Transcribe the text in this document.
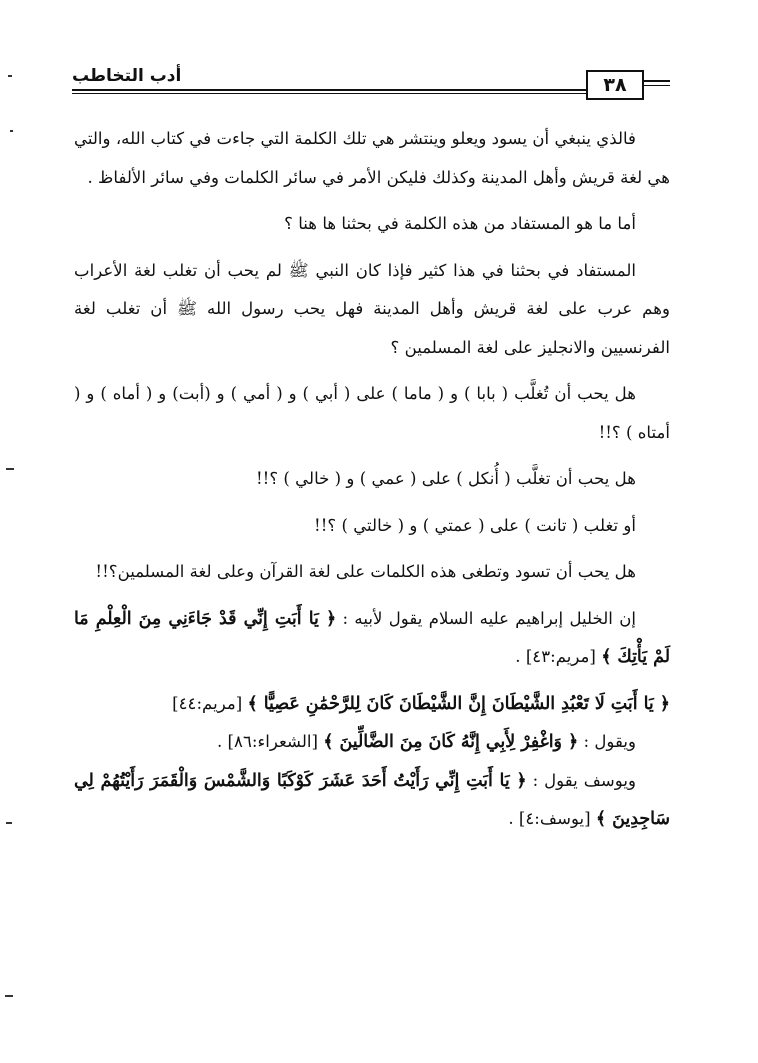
أدب التخاطب	٣٨

فالذي ينبغي أن يسود ويعلو وينتشر هي تلك الكلمة التي جاءت في كتاب الله، والتي هي لغة قريش وأهل المدينة وكذلك فليكن الأمر في سائر الكلمات وفي سائر الألفاظ .

أما ما هو المستفاد من هذه الكلمة في بحثنا ها هنا ؟

المستفاد في بحثنا في هذا كثير فإذا كان النبي ﷺ لم يحب أن تغلب لغة الأعراب وهم عرب على لغة قريش وأهل المدينة فهل يحب رسول الله ﷺ أن تغلب لغة الفرنسيين والانجليز على لغة المسلمين ؟

هل يحب أن تُغلَّب ( بابا ) و ( ماما ) على ( أبي ) و ( أمي ) و (أبت) و ( أماه ) و ( أمتاه ) ؟!!

هل يحب أن تغلَّب ( أُنكل ) على ( عمي ) و ( خالي ) ؟!!

أو تغلب ( تانت ) على ( عمتي ) و ( خالتي ) ؟!!

هل يحب أن تسود وتطغى هذه الكلمات على لغة القرآن وعلى لغة المسلمين؟!!

إن الخليل إبراهيم عليه السلام يقول لأبيه : ﴿ يَا أَبَتِ إِنِّي قَدْ جَاءَنِي مِنَ الْعِلْمِ مَا لَمْ يَأْتِكَ ﴾ [مريم:٤٣] .

﴿ يَا أَبَتِ لَا تَعْبُدِ الشَّيْطَانَ إِنَّ الشَّيْطَانَ كَانَ لِلرَّحْمَٰنِ عَصِيًّا ﴾ [مريم:٤٤]

ويقول : ﴿ وَاغْفِرْ لِأَبِي إِنَّهُ كَانَ مِنَ الضَّالِّينَ ﴾ [الشعراء:٨٦] .

ويوسف يقول : ﴿ يَا أَبَتِ إِنِّي رَأَيْتُ أَحَدَ عَشَرَ كَوْكَبًا وَالشَّمْسَ وَالْقَمَرَ رَأَيْتُهُمْ لِي سَاجِدِينَ ﴾ [يوسف:٤] .
